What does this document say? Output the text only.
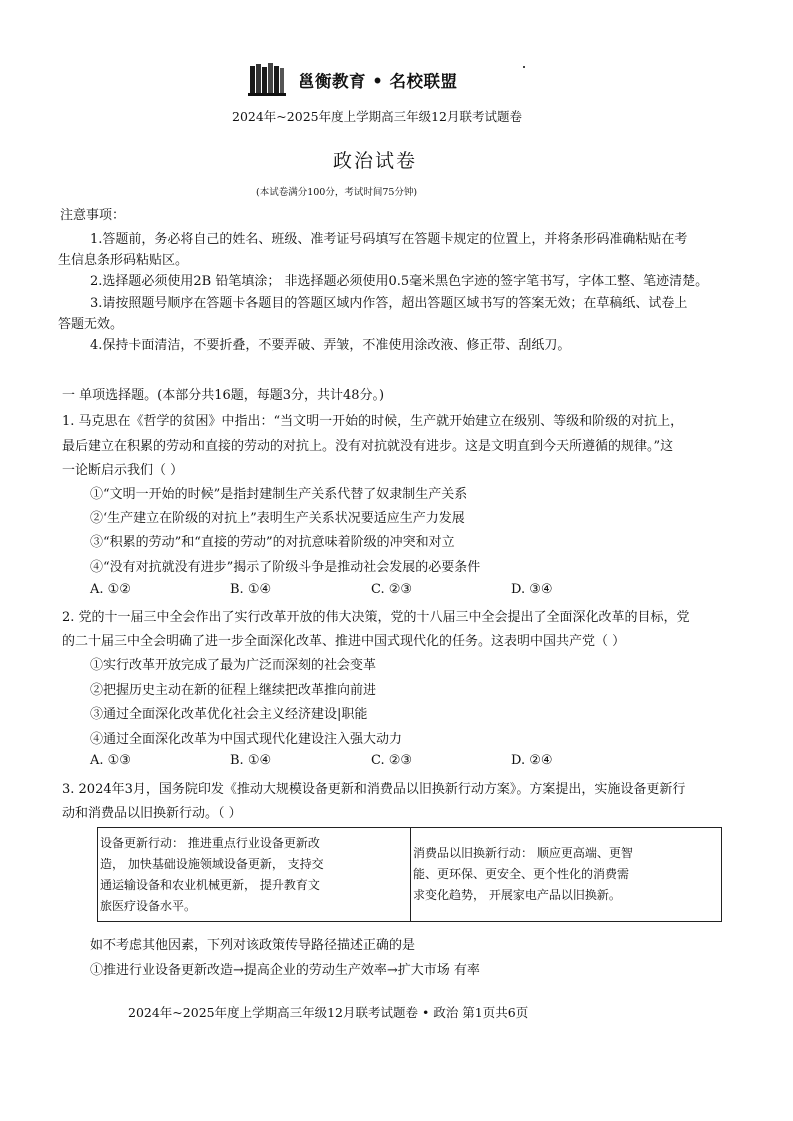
邕衡教育 • 名校联盟
2024年~2025年度上学期高三年级12月联考试题卷
政治试卷
(本试卷满分100分，考试时间75分钟)
注意事项：
1.答题前，务必将自己的姓名、班级、准考证号码填写在答题卡规定的位置上，并将条形码准确粘贴在考
生信息条形码粘贴区。
2.选择题必须使用2B 铅笔填涂； 非选择题必须使用0.5毫米黑色字迹的签字笔书写，字体工整、笔迹清楚。
3.请按照题号顺序在答题卡各题目的答题区域内作答，超出答题区域书写的答案无效；在草稿纸、试卷上
答题无效。
4.保持卡面清洁，不要折叠，不要弄破、弄皱，不准使用涂改液、修正带、刮纸刀。
一 单项选择题。(本部分共16题，每题3分，共计48分。)
1. 马克思在《哲学的贫困》中指出：“当文明一开始的时候，生产就开始建立在级别、等级和阶级的对抗上，
最后建立在积累的劳动和直接的劳动的对抗上。没有对抗就没有进步。这是文明直到今天所遵循的规律。”这
一论断启示我们（ ）
①“文明一开始的时候”是指封建制生产关系代替了奴隶制生产关系
②‘生产建立在阶级的对抗上”表明生产关系状况要适应生产力发展
③“积累的劳动”和“直接的劳动”的对抗意味着阶级的冲突和对立
④“没有对抗就没有进步”揭示了阶级斗争是推动社会发展的必要条件
A. ①②	B. ①④	C. ②③	D. ③④
2. 党的十一届三中全会作出了实行改革开放的伟大决策，党的十八届三中全会提出了全面深化改革的目标，党
的二十届三中全会明确了进一步全面深化改革、推进中国式现代化的任务。这表明中国共产党（ ）
①实行改革开放完成了最为广泛而深刻的社会变革
②把握历史主动在新的征程上继续把改革推向前进
③通过全面深化改革优化社会主义经济建设|职能
④通过全面深化改革为中国式现代化建设注入强大动力
A. ①③	B. ①④	C. ②③	D. ②④
3. 2024年3月，国务院印发《推动大规模设备更新和消费品以旧换新行动方案》。方案提出，实施设备更新行
动和消费品以旧换新行动。（ ）
设备更新行动： 推进重点行业设备更新改
造， 加快基础设施领域设备更新， 支持交
通运输设备和农业机械更新， 提升教育文
旅医疗设备水平。

消费品以旧换新行动： 顺应更高端、更智
能、更环保、更安全、更个性化的消费需
求变化趋势， 开展家电产品以旧换新。
如不考虑其他因素，下列对该政策传导路径描述正确的是
①推进行业设备更新改造→提高企业的劳动生产效率→扩大市场 有率
2024年~2025年度上学期高三年级12月联考试题卷 • 政治 第1页共6页
